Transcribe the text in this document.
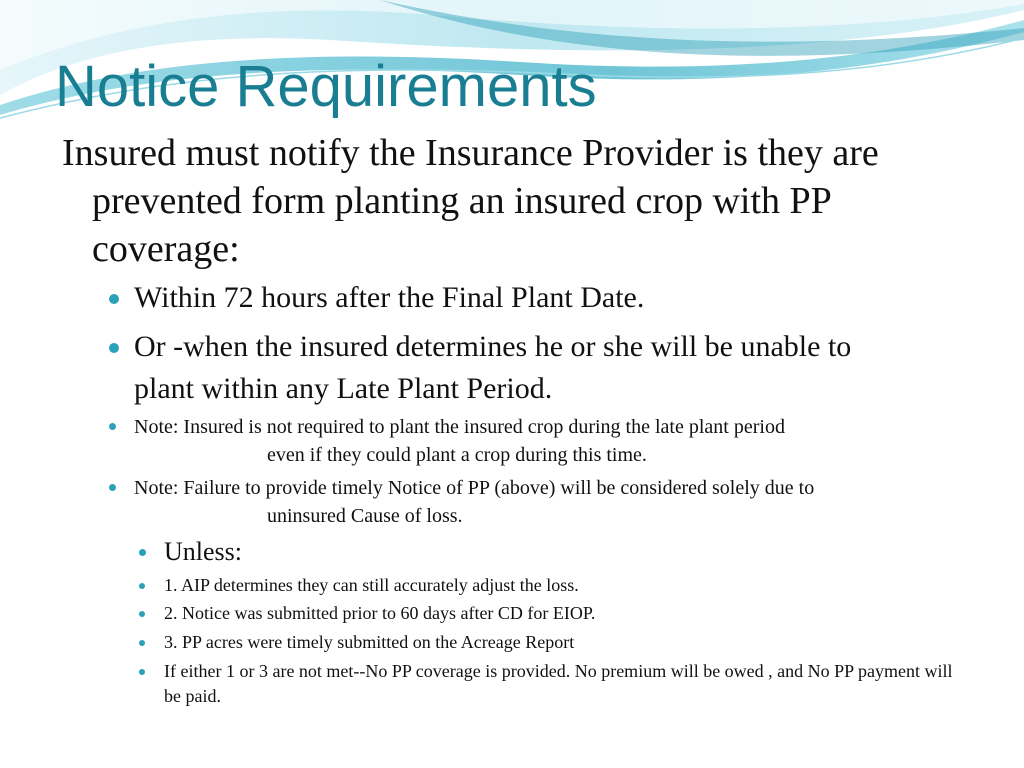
Notice Requirements

Insured must notify the Insurance Provider is they are prevented form planting an insured crop with PP coverage:

Within 72 hours after the Final Plant Date.
Or -when the insured determines he or she will be unable to plant within any Late Plant Period.
Note: Insured is not required to plant the insured crop during the late plant period
even if they could plant a crop during this time.
Note: Failure to provide timely Notice of PP (above) will be considered solely due to
uninsured Cause of loss.
Unless:
1. AIP determines they can still accurately adjust the loss.
2. Notice was submitted prior to 60 days after CD for EIOP.
3. PP acres were timely submitted on the Acreage Report
If either 1 or 3 are not met--No PP coverage is provided. No premium will be owed , and No PP payment will be paid.
